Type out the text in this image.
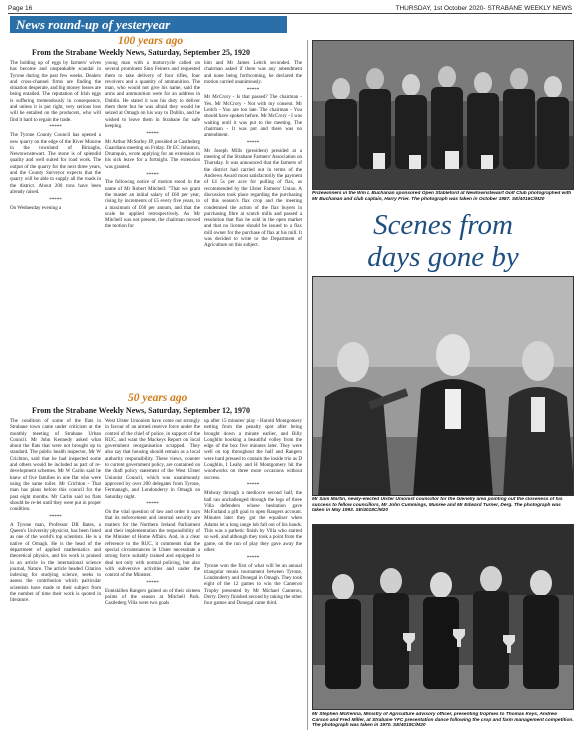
Page 16	THURSDAY, 1st October 2020- STRABANE WEEKLY NEWS
News round-up of yesteryear
100 years ago
From the Strabane Weekly News, Saturday, September 25, 1920

The holding up of eggs by farmers' wives has become and unspeakable scandal in Tyrone during the past few weeks. Dealers and cross-channel firms are finding the situation desperate, and big money losses are being entailed. The reputation of Irish eggs is suffering tremendously in consequence, and unless it is put right, very serious loss will be entailed on the producers, who will find it hard to regain the trade.

*****

The Tyrone County Council has opened a new quarry on the edge of the River Mourne in the townland of Birnaghs, Newtownstewart. The stone is of splendid quality and well suited for road work. The output of the quarry for the next three years, and the County Surveyor expects that the quarry will be able to supply all the roads in the district. About 200 tons have been already raised.

*****

On Wednesday evening a

young man with a motorcycle called on several prominent Sinn Feiners and requested them to take delivery of four rifles, four revolvers and a quantity of ammunition. The man, who would not give his name, said the arms and ammunition were for an address in Dublin. He stated it was his duty to deliver them there but he was afraid they would be seized at Omagh on his way to Dublin, and he wished to leave them in Strabane for safe keeping.

*****

Mr Arthur McSorley JP, presided at Castlederg Guardians meeting on Friday. Dr EC Johnston, Drumquin, wrote applying for an extension to his sick leave for a fortnight. The extension was granted.

*****

The following notice of motion stood in the name of Mr Robert Mitchell: "That we grant the master an initial salary of £60 per year, rising by increments of £5 every five years, to a maximum of £60 per annum, and that the scale be applied retrospectively. As Mr Mitchell was not present, the chairman moved the motion for

him and Mr James Leitch seconded. The chairman asked if there was any amendment and none being forthcoming, he declared the motion carried unanimously.

*****

Mr McCrory - Is that passed? The chairman - Yes. Mr McCrory - Not with my consent. Mr Leitch - You are too late. The chairman - You should have spoken before. Mr McCrory - I was waiting until it was put to the meeting. The chairman - It was put and there was no amendment.

*****

Mr Joseph Mills (president) presided at a meeting of the Strabane Farmers' Association on Thursday. It was announced that the farmers of the district had carried out in terms of the Andrews Award most satisfactorily the payment of £4 5s per acre for pulling of flax, as recommended by the Ulster Farmers' Union. A discussion took place regarding the purchasing of this season's flax crop and the meeting condemned the action of the flax buyers in purchasing fibre at scutch mills and passed a resolution that flax be sold in the open market and that no license should be issued to a flax mill owner for the purchase of flax at his mill. It was decided to write to the Department of Agriculture on this subject.

50 years ago
From the Strabane Weekly News, Saturday, September 12, 1970

The condition of some of the flats in Strabane town came under criticism at the monthly meeting of Strabane Urban Council. Mr John Kennedy asked what about the flats that were not brought up to standard. The public health inspector, Mr W Crichton, said that he had inspected some and others would be included as part of re-development schemes. Mr W Carlin said he knew of five families in one flat who were using the same toilet. Mr Crichton - That man has plans before this council for the past eight months. Mr Carlin said no flats should be re-let until they were put in proper condition.

*****

A Tyrone man, Professor DR Bates, a Queen's University physicist, has been listed as one of the world's top scientists. He is a native of Omagh. He is the head of the department of applied mathematics and theoretical physics, and his work is praised in an article in the international science journal, Nature. The article headed Citation indexing for studying science, seeks to assess the contribution which particular scientists have made to their subject from the number of time their work is quoted in literature.

West Ulster Unionists have come out strongly in favour of an armed reserve force under the control of the chief of police, in support of the RUC, and want the Mackeys Report on local government reorganisation scrapped. They also say that housing should remain as a local authority responsibility. These views, counter to current government policy, are contained on the draft policy statement of the West Ulster Unionist Council, which was unanimously approved by over 200 delegates from Tyrone, Fermanagh, and Londonderry in Omagh on Saturday night.

*****

On the vital question of law and order it says that its enforcement and internal security are matters for the Northern Ireland Parliament and their implementation the responsibility of the Minister of Home Affairs. And, in a clear reference to the RUC, it comments that the special circumstances in Ulster necessitate a strong force suitably trained and equipped to deal not only with normal policing, but also with subversive activities and under the control of the Minister.

*****

Enniskillen Rangers gained on of their sixteen points of the season at Mitchell Park. Castlederg Villa were two goals

up after 15 minutes' play - Harold Montgomery netting from the penalty spot after being brought down a minute earlier, and Billy Loughlin hooking a beautiful volley from the edge of the box five minutes later. They were well on top throughout the half and Rangers were hard pressed to contain the inside trio as D Loughlin, I Leahy and H Montgomery hit the woodworks on three more occasions without success.

*****

Midway through a mediocre second half, the ball ran unchallenged through the legs of three Villa defenders whose hesitation gave McFarland a gift goal to open Rangers account. Minutes later they got the equaliser when Adams let a long range lob fall out of his hands. This was a pathetic finish by Villa who started so well, and although they took a point from the game, on the run of play they gave away the other.

*****

Tyrone won the first of what will be an annual triangular tennis tournament between Tyrone, Londonderry and Donegal in Omagh. They took eight of the 12 games to win the Cameron Trophy presented by Mr Michael Cameron, Derry. Derry finished second by taking the other four games and Donegal came third.

Prizewinners in the Wm L Buchanan sponsored Open Stableford at Newtownstewart Golf Club photographed with Mr Buchanan and club captain, Harry Frier. The photograph was taken in October 1987. SE/4016C/M20
Scenes from
days gone by
Mr Sam Martin, newly-elected Ulster Unionist councillor for the Glenelly area pointing out the closeness of his success to fellow councillors, Mr John Cummings, Munree and Mr Edward Turner, Derg. The photograph was taken in May 1993. SE/4018C/M20
Mr Stephen McKenna, Ministry of Agriculture advisory officer, presenting trophies to Thomas Keys, Andrew Carson and Fred Miller, at Strabane YFC presentation dance following the crop and farm management competition. The photograph was taken in 1970. SE/4019C/M20
